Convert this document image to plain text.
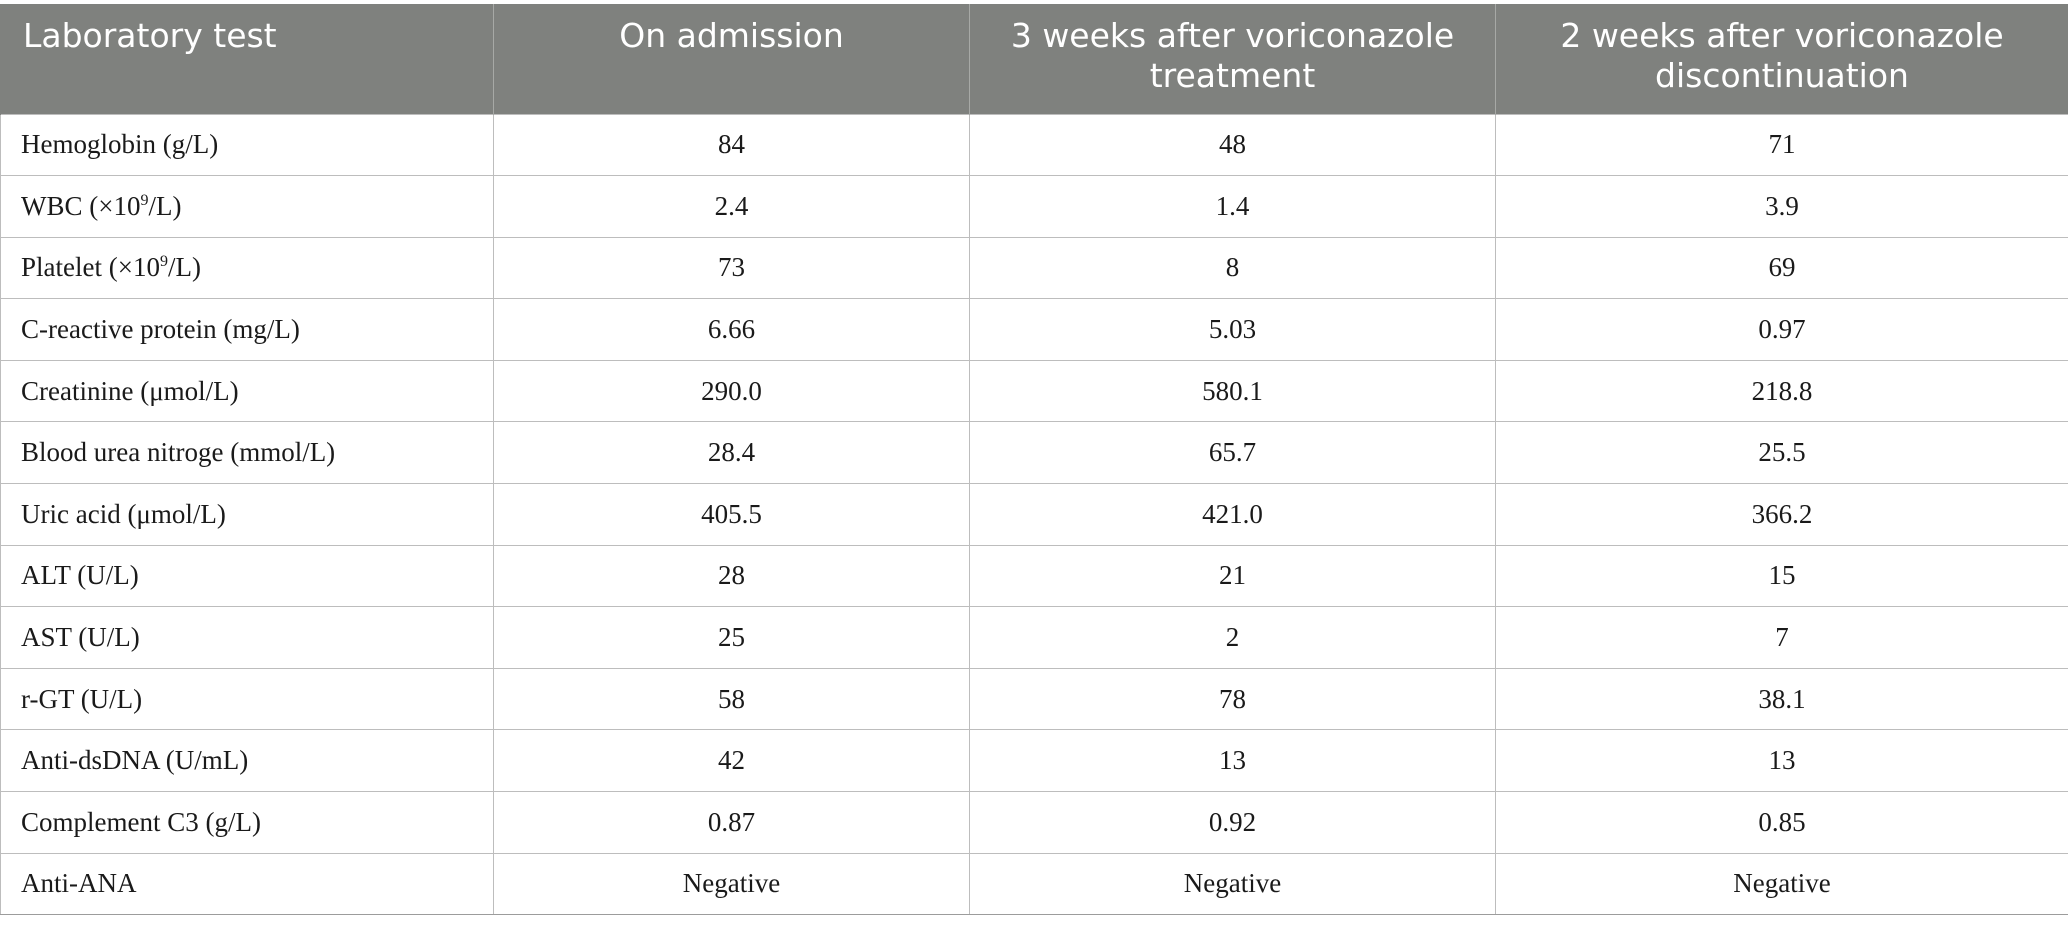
Laboratory test	On admission	3 weeks after voriconazole treatment	2 weeks after voriconazole discontinuation
Hemoglobin (g/L)	84	48	71
WBC $(\times 10^9/L)$	2.4	1.4	3.9
Platelet $(\times 10^9/L)$	73	8	69
C-reactive protein (mg/L)	6.66	5.03	0.97
Creatinine (μmol/L)	290.0	580.1	218.8
Blood urea nitroge (mmol/L)	28.4	65.7	25.5
Uric acid (μmol/L)	405.5	421.0	366.2
ALT (U/L)	28	21	15
AST (U/L)	25	2	7
r-GT (U/L)	58	78	38.1
Anti-dsDNA (U/mL)	42	13	13
Complement C3 (g/L)	0.87	0.92	0.85
Anti-ANA	Negative	Negative	Negative
